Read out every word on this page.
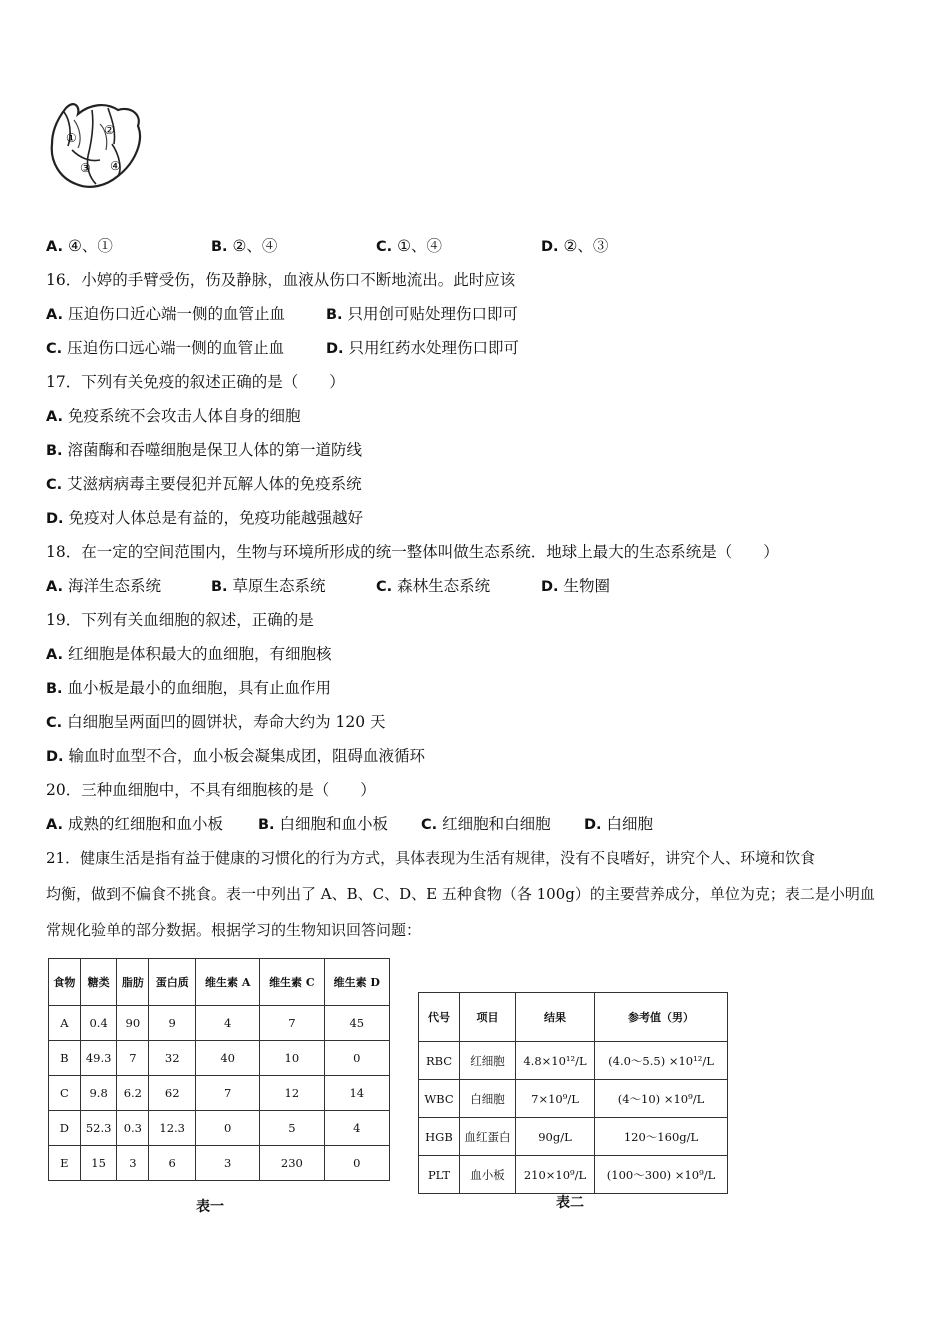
①
②
③ ④
A. ④、①	B. ②、④	C. ①、④	D. ②、③
16．小婷的手臂受伤，伤及静脉，血液从伤口不断地流出。此时应该
A. 压迫伤口近心端一侧的血管止血	B. 只用创可贴处理伤口即可
C. 压迫伤口远心端一侧的血管止血	D. 只用红药水处理伤口即可
17．下列有关免疫的叙述正确的是（　　）
A. 免疫系统不会攻击人体自身的细胞
B. 溶菌酶和吞噬细胞是保卫人体的第一道防线
C. 艾滋病病毒主要侵犯并瓦解人体的免疫系统
D. 免疫对人体总是有益的，免疫功能越强越好
18．在一定的空间范围内，生物与环境所形成的统一整体叫做生态系统．地球上最大的生态系统是（　　）
A. 海洋生态系统	B. 草原生态系统	C. 森林生态系统	D. 生物圈
19．下列有关血细胞的叙述，正确的是
A. 红细胞是体积最大的血细胞，有细胞核
B. 血小板是最小的血细胞，具有止血作用
C. 白细胞呈两面凹的圆饼状，寿命大约为 120 天
D. 输血时血型不合，血小板会凝集成团，阻碍血液循环
20．三种血细胞中，不具有细胞核的是（　　）
A. 成熟的红细胞和血小板 B. 白细胞和血小板 C. 红细胞和白细胞 D. 白细胞
21．健康生活是指有益于健康的习惯化的行为方式，具体表现为生活有规律，没有不良嗜好，讲究个人、环境和饮食
均衡，做到不偏食不挑食。表一中列出了 A、B、C、D、E 五种食物（各 100g）的主要营养成分，单位为克；表二是小明血
常规化验单的部分数据。根据学习的生物知识回答问题：
食物	糖类	脂肪	蛋白质	维生素 A	维生素 C	维生素 D
A	0.4	90	9	4	7	45
B	49.3	7	32	40	10	0
C	9.8	6.2	62	7	12	14
D	52.3	0.3	12.3	0	5	4
E	15	3	6	3	230	0
表一
代号	项目	结果	参考值（男）
RBC	红细胞	4.8×10¹²/L	(4.0～5.5) ×10¹²/L
WBC	白细胞	7×10⁹/L	(4～10) ×10⁹/L
HGB	血红蛋白	90g/L	120～160g/L
PLT	血小板	210×10⁹/L	(100～300) ×10⁹/L
表二
